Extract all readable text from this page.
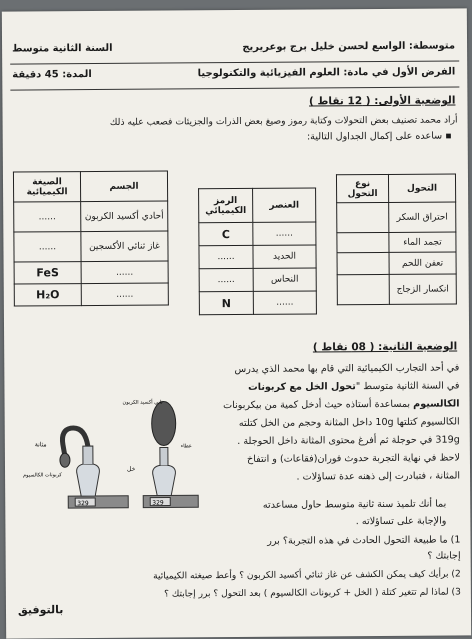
متوسطة: الواسع لحسن خليل برج بوعريريج
السنة الثانية متوسط
الفرض الأول في مادة: العلوم الفيزيائية والتكنولوجيا
المدة: 45 دقيقة
الوضعية الأولى: ( 12 نقاط )
أراد محمد تصنيف بعض التحولات وكتابة رموز وصيغ بعض الذرات والجزيئات فصعب عليه ذلك
▪ ساعده على إكمال الجداول التالية:
التحول	نوع التحول
احتراق السكر	
تجمد الماء	
تعفن اللحم	
انكسار الزجاج	
العنصر	الرمز الكيميائي
......	C
الحديد	......
النحاس	......
......	N
الجسم	الصيغة الكيميائية
أحادي أكسيد الكربون	......
غاز ثنائي الأكسجين	......
......	FeS
......	H₂O
الوضعية الثانية: ( 08 نقاط )
في أحد التجارب الكيميائية التي قام بها محمد الذي يدرس
في السنة الثانية متوسط "تحول الخل مع كربونات
الكالسيوم بمساعدة أستاذه حيث أدخل كمية من بيكربونات
الكالسيوم كتلتها 10g داخل المثانة وحجم من الخل كتلته
319g في حوجلة ثم أفرغ محتوى المثانة داخل الحوجلة .
لاحظ في نهاية التجربة حدوث فوران(فقاعات) و انتفاخ
المثانة ، فتبادرت إلى ذهنه عدة تساؤلات .
بما أنك تلميذ سنة ثانية متوسط حاول مساعدته
والإجابة على تساؤلاته .
1) ما طبيعة التحول الحادث في هذه التجربة؟ برر
إجابتك ؟
2) برأيك كيف يمكن الكشف عن غاز ثنائي أكسيد الكربون ؟ وأعط صيغته الكيميائية
3) لماذا لم تتغير كتلة ( الخل + كربونات الكالسيوم ) بعد التحول ؟ برر إجابتك ؟
بالتوفيق
مثانة
كربونات الكالسيوم
ثاني أكسيد الكربون
خل
غطاء
329	329
